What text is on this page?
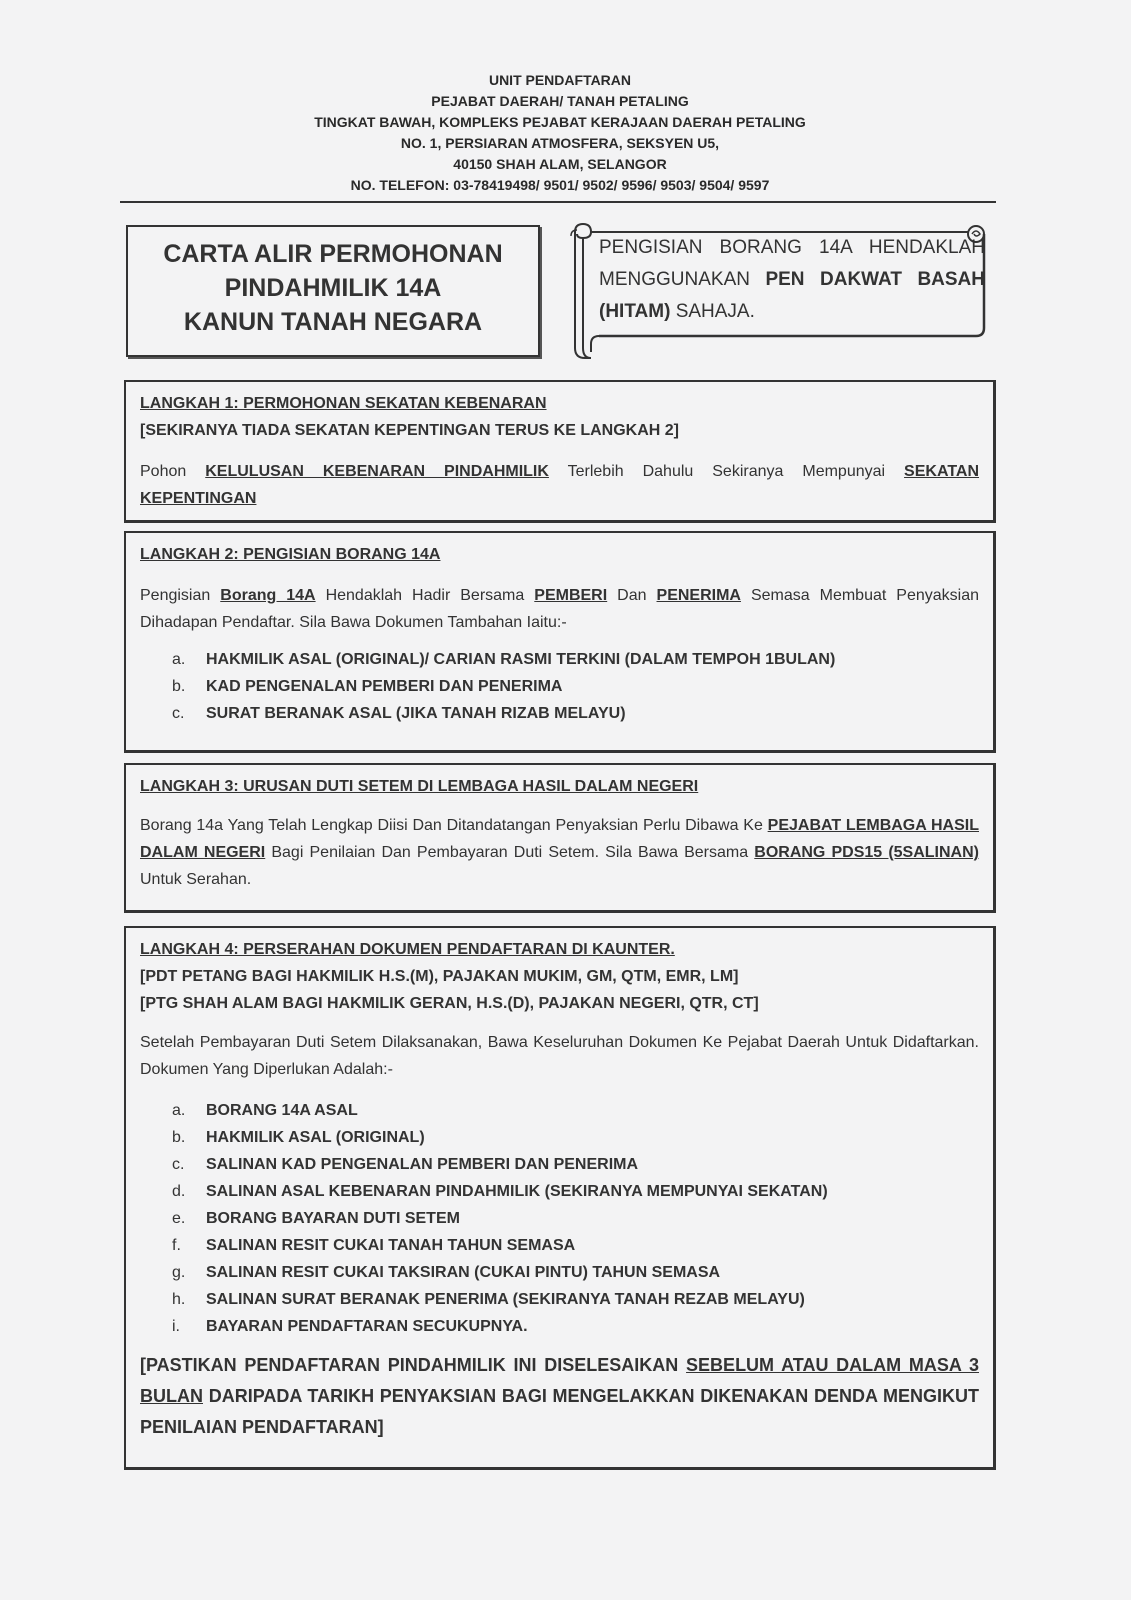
UNIT PENDAFTARAN
PEJABAT DAERAH/ TANAH PETALING
TINGKAT BAWAH, KOMPLEKS PEJABAT KERAJAAN DAERAH PETALING
NO. 1, PERSIARAN ATMOSFERA, SEKSYEN U5,
40150 SHAH ALAM, SELANGOR
NO. TELEFON: 03-78419498/ 9501/ 9502/ 9596/ 9503/ 9504/ 9597
CARTA ALIR PERMOHONAN
PINDAHMILIK 14A
KANUN TANAH NEGARA
PENGISIAN BORANG 14A HENDAKLAH MENGGUNAKAN PEN DAKWAT BASAH (HITAM) SAHAJA.
LANGKAH 1: PERMOHONAN SEKATAN KEBENARAN
[SEKIRANYA TIADA SEKATAN KEPENTINGAN TERUS KE LANGKAH 2]
Pohon KELULUSAN KEBENARAN PINDAHMILIK Terlebih Dahulu Sekiranya Mempunyai SEKATAN KEPENTINGAN
LANGKAH 2: PENGISIAN BORANG 14A
Pengisian Borang 14A Hendaklah Hadir Bersama PEMBERI Dan PENERIMA Semasa Membuat Penyaksian Dihadapan Pendaftar. Sila Bawa Dokumen Tambahan Iaitu:-
a.	HAKMILIK ASAL (ORIGINAL)/ CARIAN RASMI TERKINI (DALAM TEMPOH 1BULAN)
b.	KAD PENGENALAN PEMBERI DAN PENERIMA
c.	SURAT BERANAK ASAL (JIKA TANAH RIZAB MELAYU)
LANGKAH 3: URUSAN DUTI SETEM DI LEMBAGA HASIL DALAM NEGERI
Borang 14a Yang Telah Lengkap Diisi Dan Ditandatangan Penyaksian Perlu Dibawa Ke PEJABAT LEMBAGA HASIL DALAM NEGERI Bagi Penilaian Dan Pembayaran Duti Setem. Sila Bawa Bersama BORANG PDS15 (5SALINAN) Untuk Serahan.
LANGKAH 4: PERSERAHAN DOKUMEN PENDAFTARAN DI KAUNTER.
[PDT PETANG BAGI HAKMILIK H.S.(M), PAJAKAN MUKIM, GM, QTM, EMR, LM]
[PTG SHAH ALAM BAGI HAKMILIK GERAN, H.S.(D), PAJAKAN NEGERI, QTR, CT]
Setelah Pembayaran Duti Setem Dilaksanakan, Bawa Keseluruhan Dokumen Ke Pejabat Daerah Untuk Didaftarkan. Dokumen Yang Diperlukan Adalah:-
a.	BORANG 14A ASAL
b.	HAKMILIK ASAL (ORIGINAL)
c.	SALINAN KAD PENGENALAN PEMBERI DAN PENERIMA
d.	SALINAN ASAL KEBENARAN PINDAHMILIK (SEKIRANYA MEMPUNYAI SEKATAN)
e.	BORANG BAYARAN DUTI SETEM
f.	SALINAN RESIT CUKAI TANAH TAHUN SEMASA
g.	SALINAN RESIT CUKAI TAKSIRAN (CUKAI PINTU) TAHUN SEMASA
h.	SALINAN SURAT BERANAK PENERIMA (SEKIRANYA TANAH REZAB MELAYU)
i.	BAYARAN PENDAFTARAN SECUKUPNYA.
[PASTIKAN PENDAFTARAN PINDAHMILIK INI DISELESAIKAN SEBELUM ATAU DALAM MASA 3 BULAN DARIPADA TARIKH PENYAKSIAN BAGI MENGELAKKAN DIKENAKAN DENDA MENGIKUT PENILAIAN PENDAFTARAN]
